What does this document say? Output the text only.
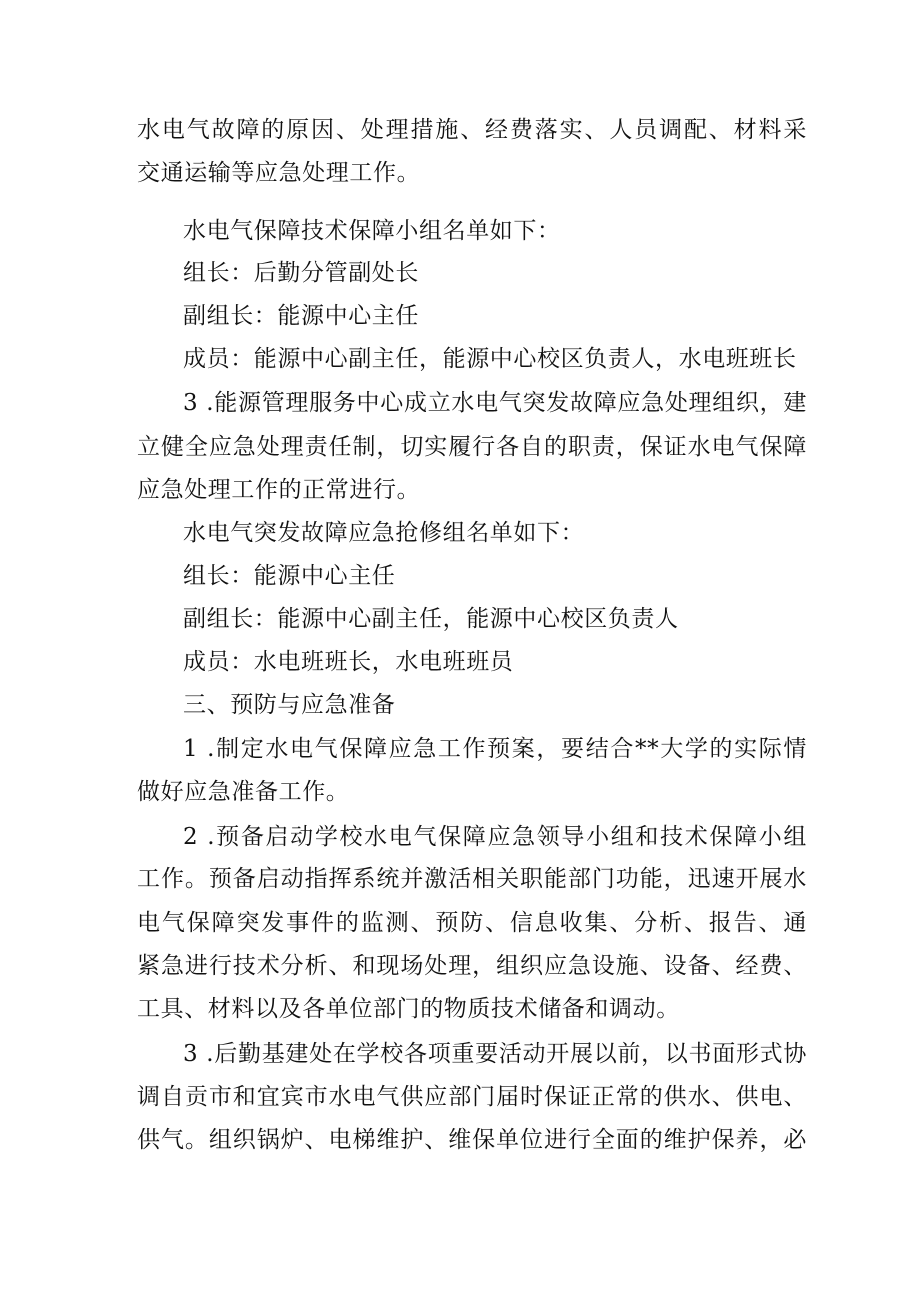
水电气故障的原因、处理措施、经费落实、人员调配、材料采
交通运输等应急处理工作。
水电气保障技术保障小组名单如下：
组长：后勤分管副处长
副组长：能源中心主任
成员：能源中心副主任，能源中心校区负责人，水电班班长
3 .能源管理服务中心成立水电气突发故障应急处理组织，建
立健全应急处理责任制，切实履行各自的职责，保证水电气保障
应急处理工作的正常进行。
水电气突发故障应急抢修组名单如下：
组长：能源中心主任
副组长：能源中心副主任，能源中心校区负责人
成员：水电班班长，水电班班员
三、预防与应急准备
1 .制定水电气保障应急工作预案，要结合**大学的实际情
做好应急准备工作。
2 .预备启动学校水电气保障应急领导小组和技术保障小组
工作。预备启动指挥系统并激活相关职能部门功能，迅速开展水
电气保障突发事件的监测、预防、信息收集、分析、报告、通
紧急进行技术分析、和现场处理，组织应急设施、设备、经费、
工具、材料以及各单位部门的物质技术储备和调动。
3 .后勤基建处在学校各项重要活动开展以前，以书面形式协
调自贡市和宜宾市水电气供应部门届时保证正常的供水、供电、
供气。组织锅炉、电梯维护、维保单位进行全面的维护保养，必
